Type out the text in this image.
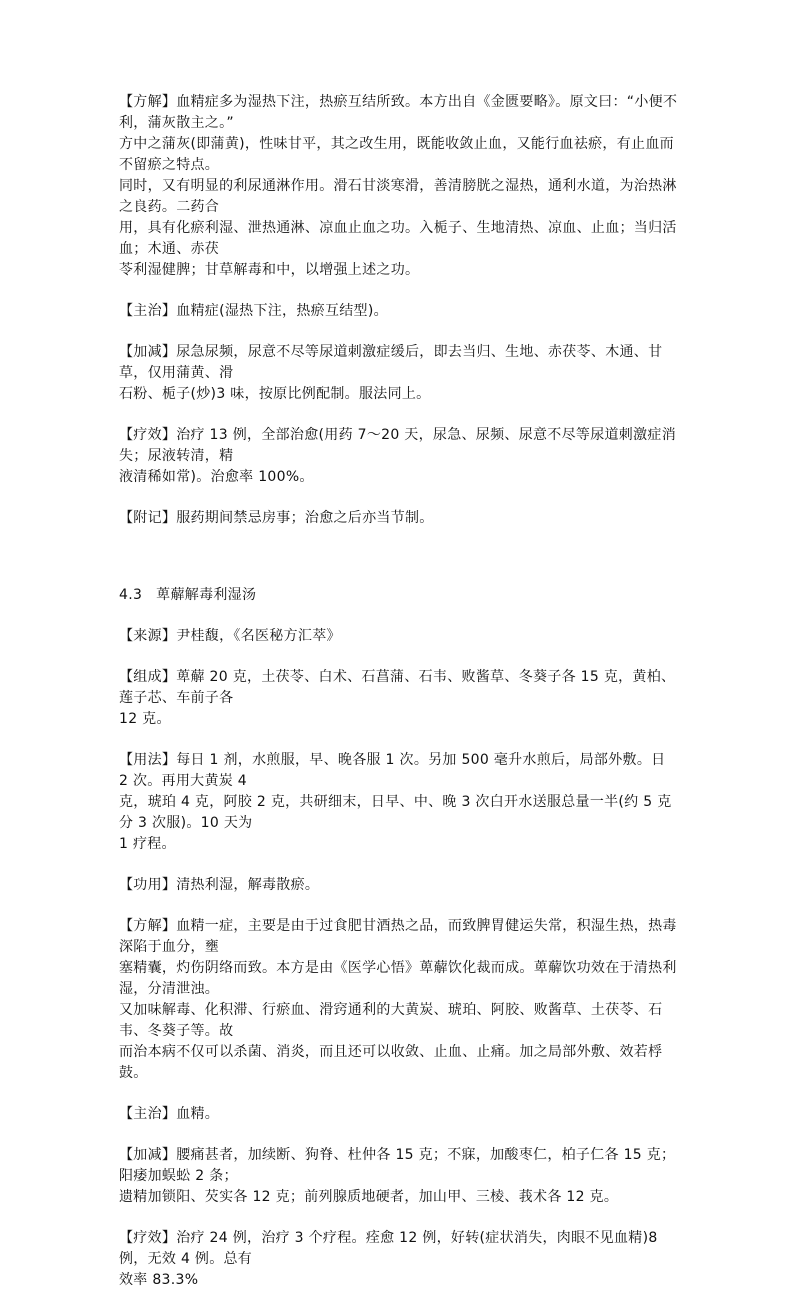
【方解】血精症多为湿热下注，热瘀互结所致。本方出自《金匮要略》。原文曰：“小便不利，蒲灰散主之。”
方中之蒲灰(即蒲黄)，性味甘平，其之改生用，既能收敛止血，又能行血祛瘀，有止血而不留瘀之特点。
同时，又有明显的利尿通淋作用。滑石甘淡寒滑，善清膀胱之湿热，通利水道，为治热淋之良药。二药合
用，具有化瘀利湿、泄热通淋、凉血止血之功。入栀子、生地清热、凉血、止血；当归活血；木通、赤茯
苓利湿健脾；甘草解毒和中，以增强上述之功。
【主治】血精症(湿热下注，热瘀互结型)。
【加减】尿急尿频，尿意不尽等尿道刺激症缓后，即去当归、生地、赤茯苓、木通、甘草，仅用蒲黄、滑
石粉、栀子(炒)3 味，按原比例配制。服法同上。
【疗效】治疗 13 例，全部治愈(用药 7～20 天，尿急、尿频、尿意不尽等尿道刺激症消失；尿液转清，精
液清稀如常)。治愈率 100%。
【附记】服药期间禁忌房事；治愈之后亦当节制。
4.3 萆薢解毒利湿汤
【来源】尹桂馥，《名医秘方汇萃》
【组成】萆薢 20 克，土茯苓、白术、石菖蒲、石韦、败酱草、冬葵子各 15 克，黄柏、莲子芯、车前子各
12 克。
【用法】每日 1 剂，水煎服，早、晚各服 1 次。另加 500 毫升水煎后，局部外敷。日 2 次。再用大黄炭 4
克，琥珀 4 克，阿胶 2 克，共研细末，日早、中、晚 3 次白开水送服总量一半(约 5 克分 3 次服)。10 天为
1 疗程。
【功用】清热利湿，解毒散瘀。
【方解】血精一症，主要是由于过食肥甘酒热之品，而致脾胃健运失常，积湿生热，热毒深陷于血分，壅
塞精囊，灼伤阴络而致。本方是由《医学心悟》萆薢饮化裁而成。萆薢饮功效在于清热利湿，分清泄浊。
又加味解毒、化积滞、行瘀血、滑窍通利的大黄炭、琥珀、阿胶、败酱草、土茯苓、石韦、冬葵子等。故
而治本病不仅可以杀菌、消炎，而且还可以收敛、止血、止痛。加之局部外敷、效若桴鼓。
【主治】血精。
【加减】腰痛甚者，加续断、狗脊、杜仲各 15 克；不寐，加酸枣仁，柏子仁各 15 克；阳痿加蜈蚣 2 条；
遗精加锁阳、芡实各 12 克；前列腺质地硬者，加山甲、三棱、莪术各 12 克。
【疗效】治疗 24 例，治疗 3 个疗程。痊愈 12 例，好转(症状消失，肉眼不见血精)8 例，无效 4 例。总有
效率 83.3%
